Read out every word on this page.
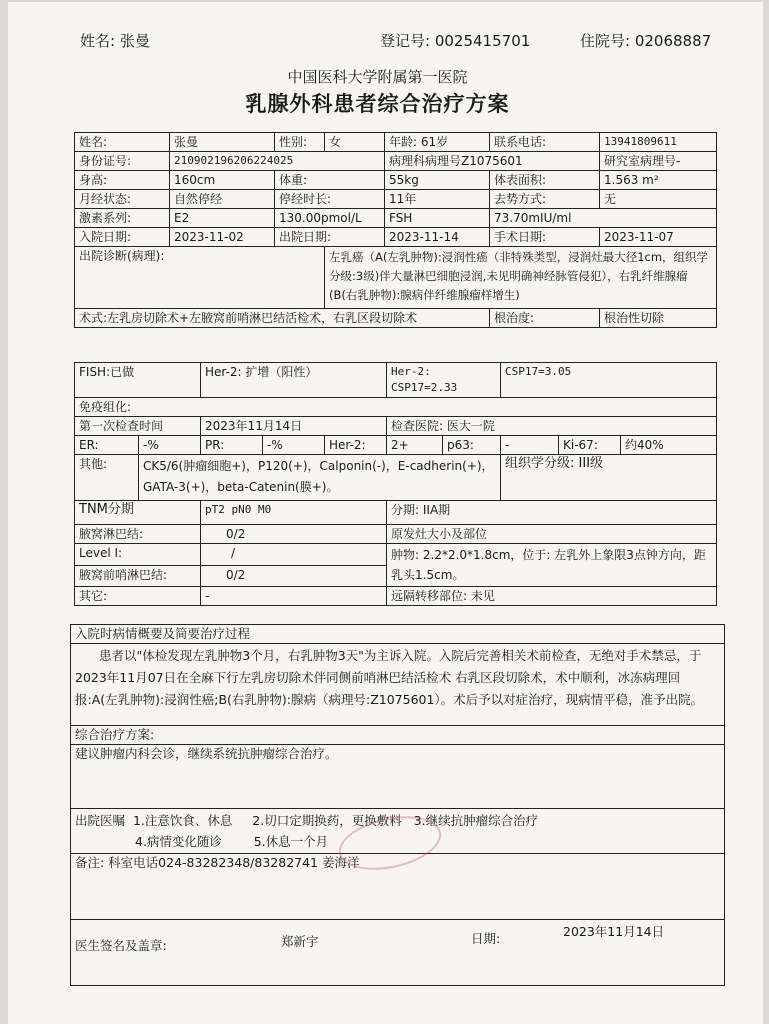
姓名: 张曼	登记号: 0025415701	住院号: 02068887
中国医科大学附属第一医院
乳腺外科患者综合治疗方案
姓名:	张曼	性别:	女	年龄: 61岁	联系电话:	13941809611
身份证号:	210902196206224025			病理科病理号Z1075601		研究室病理号-
身高:	160cm	体重:		55kg	体表面积:	1.563 m²
月经状态:	自然停经	停经时长:		11年	去势方式:	无
激素系列:	E2	130.00pmol/L		FSH	73.70mIU/ml	
入院日期:	2023-11-02	出院日期:		2023-11-14	手术日期:	2023-11-07
出院诊断(病理):			左乳癌（A(左乳肿物):浸润性癌（非特殊类型，浸润灶最大径1cm，组织学分级:3级)伴大量淋巴细胞浸润,未见明确神经脉管侵犯），右乳纤维腺瘤(B(右乳肿物):腺病伴纤维腺瘤样增生)			
术式:左乳房切除术+左腋窝前哨淋巴结活检术，右乳区段切除术					根治度:	根治性切除
FISH:已做		Her-2: 扩增（阳性）			Her-2: CSP17=2.33		CSP17=3.05		
免疫组化:									
第一次检查时间		2023年11月14日			检查医院: 医大一院				
ER:	-%	PR:	-%	Her-2:	2+	p63:	-	Ki-67:	约40%
其他:	CK5/6(肿瘤细胞+)，P120(+)，Calponin(-)，E-cadherin(+)，GATA-3(+)，beta-Catenin(膜+)。						组织学分级: III级		
TNM分期		pT2 pN0 M0			分期: IIA期				
腋窝淋巴结:		0/2			原发灶大小及部位				
Level I:		/			肿物: 2.2*2.0*1.8cm，位于: 左乳外上象限3点钟方向，距乳头1.5cm。				
腋窝前哨淋巴结:		0/2							
其它:		-			远隔转移部位: 未见				
入院时病情概要及简要治疗过程
患者以"体检发现左乳肿物3个月，右乳肿物3天"为主诉入院。入院后完善相关术前检查，无绝对手术禁忌，于2023年11月07日在全麻下行左乳房切除术伴同侧前哨淋巴结活检术 右乳区段切除术，术中顺利，冰冻病理回报:A(左乳肿物):浸润性癌;B(右乳肿物):腺病（病理号:Z1075601）。术后予以对症治疗，现病情平稳，准予出院。
综合治疗方案:
建议肿瘤内科会诊，继续系统抗肿瘤综合治疗。
出院医嘱 1.注意饮食、休息 2.切口定期换药，更换敷料 3.继续抗肿瘤综合治疗
4.病情变化随诊	5.休息一个月
备注: 科室电话024-83282348/83282741 姜海洋

医生签名及盖章:	郑新宇	日期:	2023年11月14日
